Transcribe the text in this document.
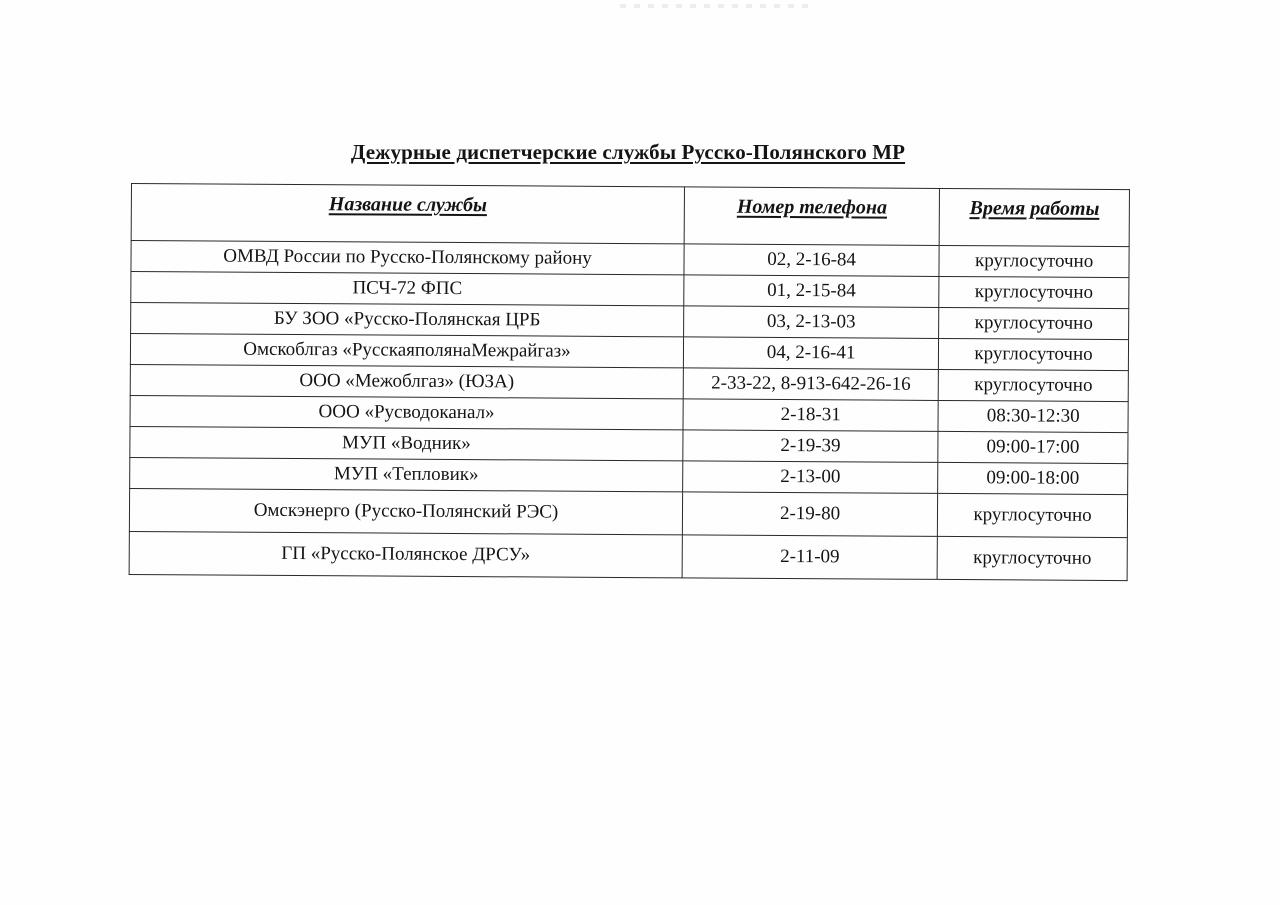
Дежурные диспетчерские службы Русско-Полянского МР
Название службы	Номер телефона	Время работы
ОМВД России по Русско-Полянскому району	02, 2-16-84	круглосуточно
ПСЧ-72 ФПС	01, 2-15-84	круглосуточно
БУ ЗОО «Русско-Полянская ЦРБ	03, 2-13-03	круглосуточно
Омскоблгаз «РусскаяполянаМежрайгаз»	04, 2-16-41	круглосуточно
ООО «Межоблгаз» (ЮЗА)	2-33-22, 8-913-642-26-16	круглосуточно
ООО «Русводоканал»	2-18-31	08:30-12:30
МУП «Водник»	2-19-39	09:00-17:00
МУП «Тепловик»	2-13-00	09:00-18:00
Омскэнерго (Русско-Полянский РЭС)	2-19-80	круглосуточно
ГП «Русско-Полянское ДРСУ»	2-11-09	круглосуточно
